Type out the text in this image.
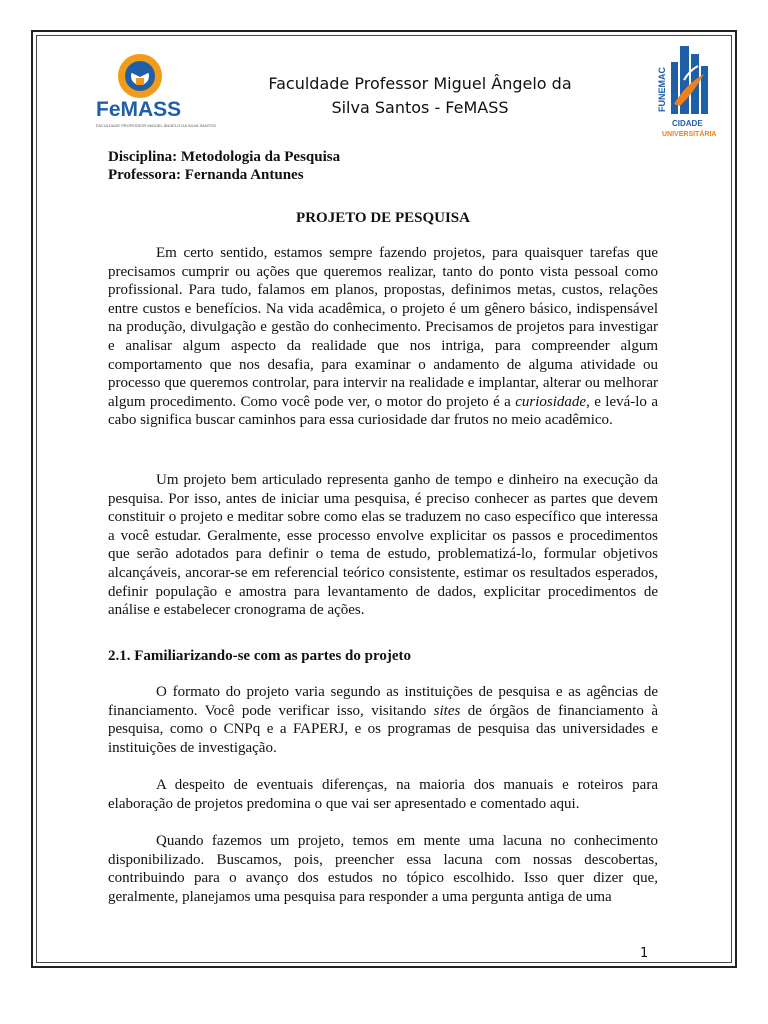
FeMASS
FACULDADE PROFESSOR MIGUEL ÂNGELO DA SILVA SANTOS
Faculdade Professor Miguel Ângelo da
Silva Santos - FeMASS	FUNEMAC
CIDADE
UNIVERSITÁRIA
Disciplina: Metodologia da Pesquisa
Professora: Fernanda Antunes
PROJETO DE PESQUISA

Em certo sentido, estamos sempre fazendo projetos, para quaisquer tarefas que precisamos cumprir ou ações que queremos realizar, tanto do ponto vista pessoal como profissional. Para tudo, falamos em planos, propostas, definimos metas, custos, relações entre custos e benefícios. Na vida acadêmica, o projeto é um gênero básico, indispensável na produção, divulgação e gestão do conhecimento. Precisamos de projetos para investigar e analisar algum aspecto da realidade que nos intriga, para compreender algum comportamento que nos desafia, para examinar o andamento de alguma atividade ou processo que queremos controlar, para intervir na realidade e implantar, alterar ou melhorar algum procedimento. Como você pode ver, o motor do projeto é a curiosidade, e levá-lo a cabo significa buscar caminhos para essa curiosidade dar frutos no meio acadêmico.

Um projeto bem articulado representa ganho de tempo e dinheiro na execução da pesquisa. Por isso, antes de iniciar uma pesquisa, é preciso conhecer as partes que devem constituir o projeto e meditar sobre como elas se traduzem no caso específico que interessa a você estudar. Geralmente, esse processo envolve explicitar os passos e procedimentos que serão adotados para definir o tema de estudo, problematizá-lo, formular objetivos alcançáveis, ancorar-se em referencial teórico consistente, estimar os resultados esperados, definir população e amostra para levantamento de dados, explicitar procedimentos de análise e estabelecer cronograma de ações.

2.1. Familiarizando-se com as partes do projeto

O formato do projeto varia segundo as instituições de pesquisa e as agências de financiamento. Você pode verificar isso, visitando sites de órgãos de financiamento à pesquisa, como o CNPq e a FAPERJ, e os programas de pesquisa das universidades e instituições de investigação.

A despeito de eventuais diferenças, na maioria dos manuais e roteiros para elaboração de projetos predomina o que vai ser apresentado e comentado aqui.

Quando fazemos um projeto, temos em mente uma lacuna no conhecimento disponibilizado. Buscamos, pois, preencher essa lacuna com nossas descobertas, contribuindo para o avanço dos estudos no tópico escolhido. Isso quer dizer que, geralmente, planejamos uma pesquisa para responder a uma pergunta antiga de uma

1
